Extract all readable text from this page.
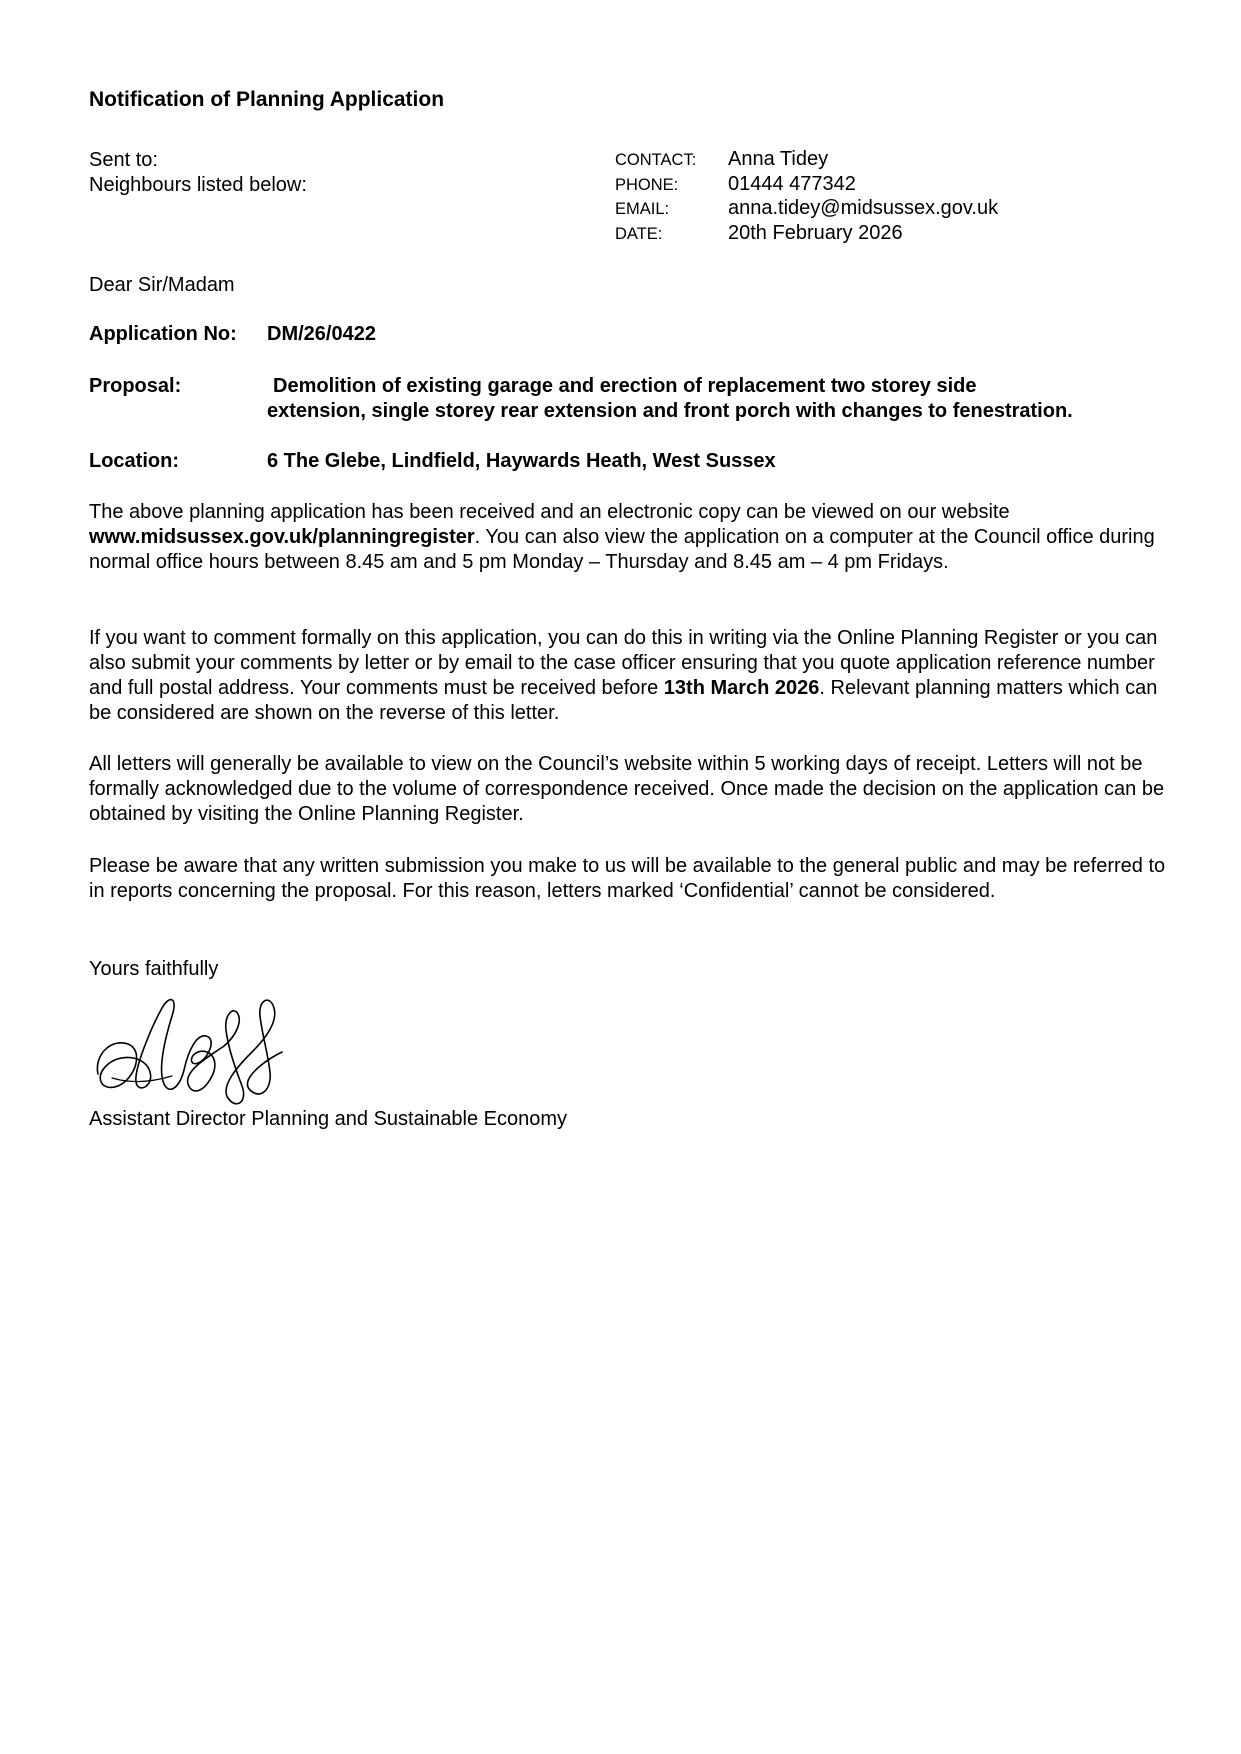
Notification of Planning Application
Sent to:
Neighbours listed below:
CONTACT:	Anna Tidey
PHONE:	01444 477342
EMAIL:	anna.tidey@midsussex.gov.uk
DATE:	20th February 2026
Dear Sir/Madam
Application No:	DM/26/0422
Proposal:	Demolition of existing garage and erection of replacement two storey side
extension, single storey rear extension and front porch with changes to fenestration.
Location:	6 The Glebe, Lindfield, Haywards Heath, West Sussex
The above planning application has been received and an electronic copy can be viewed on our website www.midsussex.gov.uk/planningregister. You can also view the application on a computer at the Council office during normal office hours between 8.45 am and 5 pm Monday – Thursday and 8.45 am – 4 pm Fridays.
If you want to comment formally on this application, you can do this in writing via the Online Planning Register or you can also submit your comments by letter or by email to the case officer ensuring that you quote application reference number and full postal address. Your comments must be received before 13th March 2026. Relevant planning matters which can be considered are shown on the reverse of this letter.
All letters will generally be available to view on the Council’s website within 5 working days of receipt. Letters will not be formally acknowledged due to the volume of correspondence received. Once made the decision on the application can be obtained by visiting the Online Planning Register.
Please be aware that any written submission you make to us will be available to the general public and may be referred to in reports concerning the proposal. For this reason, letters marked ‘Confidential’ cannot be considered.
Yours faithfully
Assistant Director Planning and Sustainable Economy
